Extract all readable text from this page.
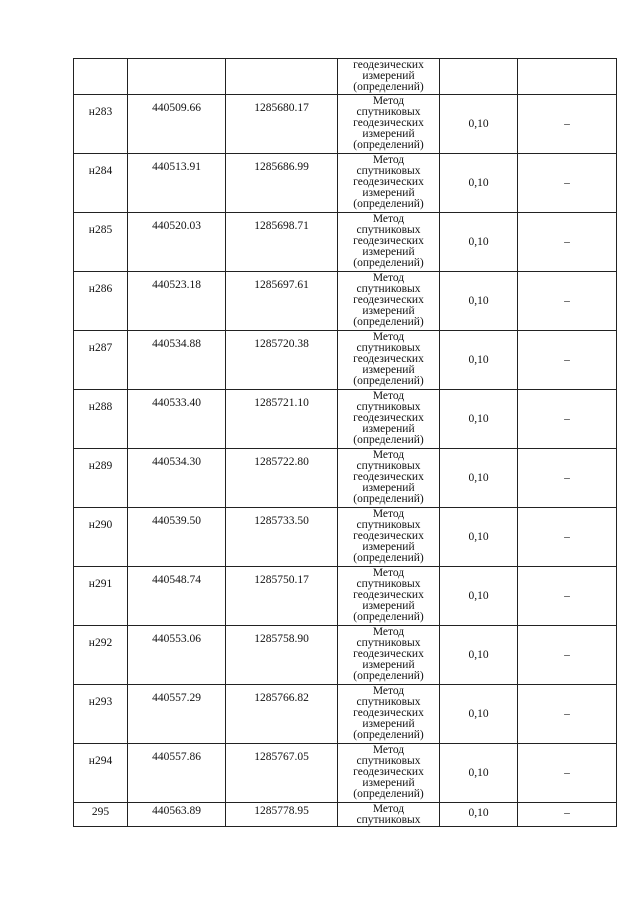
			геодезических
измерений
(определений)		

н283	440509.66	1285680.17	Метод
спутниковых
геодезических
измерений
(определений)	0,10	–
н284	440513.91	1285686.99	Метод
спутниковых
геодезических
измерений
(определений)	0,10	–
н285	440520.03	1285698.71	Метод
спутниковых
геодезических
измерений
(определений)	0,10	–
н286	440523.18	1285697.61	Метод
спутниковых
геодезических
измерений
(определений)	0,10	–
н287	440534.88	1285720.38	Метод
спутниковых
геодезических
измерений
(определений)	0,10	–
н288	440533.40	1285721.10	Метод
спутниковых
геодезических
измерений
(определений)	0,10	–
н289	440534.30	1285722.80	Метод
спутниковых
геодезических
измерений
(определений)	0,10	–
н290	440539.50	1285733.50	Метод
спутниковых
геодезических
измерений
(определений)	0,10	–
н291	440548.74	1285750.17	Метод
спутниковых
геодезических
измерений
(определений)	0,10	–
н292	440553.06	1285758.90	Метод
спутниковых
геодезических
измерений
(определений)	0,10	–
н293	440557.29	1285766.82	Метод
спутниковых
геодезических
измерений
(определений)	0,10	–
н294	440557.86	1285767.05	Метод
спутниковых
геодезических
измерений
(определений)	0,10	–
295	440563.89	1285778.95	Метод
спутниковых	0,10	–
